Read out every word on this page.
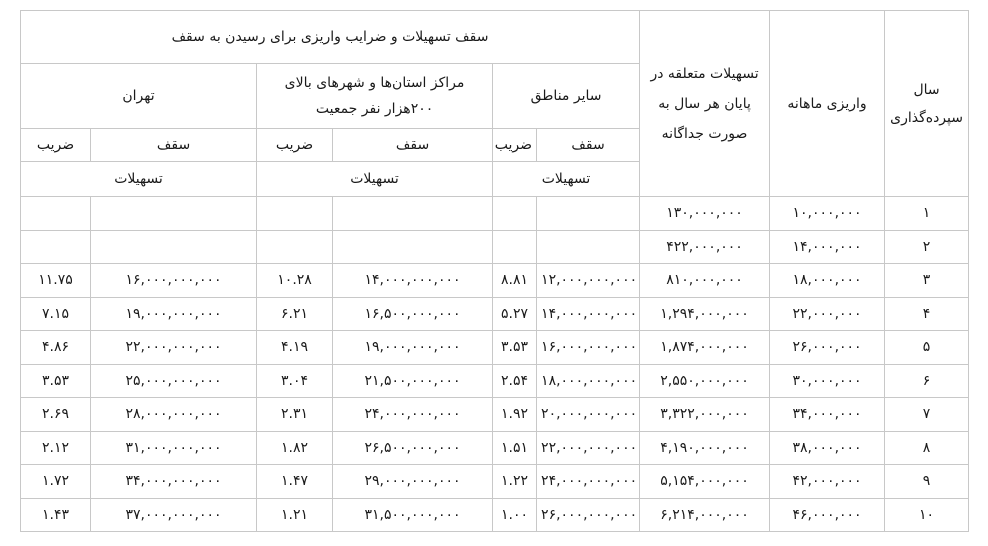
سال سپرده‌گذاری	واریزی ماهانه	تسهیلات متعلقه در پایان هر سال به صورت جداگانه	سقف تسهیلات و ضرایب واریزی برای رسیدن به سقف					
			سایر مناطق		مراکز استان‌ها و شهرهای بالای ۲۰۰هزار نفر جمعیت		تهران	
			سقف	ضریب	سقف	ضریب	سقف	ضریب
			تسهیلات		تسهیلات		تسهیلات	
۱	۱۰,۰۰۰,۰۰۰	۱۳۰,۰۰۰,۰۰۰						
۲	۱۴,۰۰۰,۰۰۰	۴۲۲,۰۰۰,۰۰۰						
۳	۱۸,۰۰۰,۰۰۰	۸۱۰,۰۰۰,۰۰۰	۱۲,۰۰۰,۰۰۰,۰۰۰	۸.۸۱	۱۴,۰۰۰,۰۰۰,۰۰۰	۱۰.۲۸	۱۶,۰۰۰,۰۰۰,۰۰۰	۱۱.۷۵
۴	۲۲,۰۰۰,۰۰۰	۱,۲۹۴,۰۰۰,۰۰۰	۱۴,۰۰۰,۰۰۰,۰۰۰	۵.۲۷	۱۶,۵۰۰,۰۰۰,۰۰۰	۶.۲۱	۱۹,۰۰۰,۰۰۰,۰۰۰	۷.۱۵
۵	۲۶,۰۰۰,۰۰۰	۱,۸۷۴,۰۰۰,۰۰۰	۱۶,۰۰۰,۰۰۰,۰۰۰	۳.۵۳	۱۹,۰۰۰,۰۰۰,۰۰۰	۴.۱۹	۲۲,۰۰۰,۰۰۰,۰۰۰	۴.۸۶
۶	۳۰,۰۰۰,۰۰۰	۲,۵۵۰,۰۰۰,۰۰۰	۱۸,۰۰۰,۰۰۰,۰۰۰	۲.۵۴	۲۱,۵۰۰,۰۰۰,۰۰۰	۳.۰۴	۲۵,۰۰۰,۰۰۰,۰۰۰	۳.۵۳
۷	۳۴,۰۰۰,۰۰۰	۳,۳۲۲,۰۰۰,۰۰۰	۲۰,۰۰۰,۰۰۰,۰۰۰	۱.۹۲	۲۴,۰۰۰,۰۰۰,۰۰۰	۲.۳۱	۲۸,۰۰۰,۰۰۰,۰۰۰	۲.۶۹
۸	۳۸,۰۰۰,۰۰۰	۴,۱۹۰,۰۰۰,۰۰۰	۲۲,۰۰۰,۰۰۰,۰۰۰	۱.۵۱	۲۶,۵۰۰,۰۰۰,۰۰۰	۱.۸۲	۳۱,۰۰۰,۰۰۰,۰۰۰	۲.۱۲
۹	۴۲,۰۰۰,۰۰۰	۵,۱۵۴,۰۰۰,۰۰۰	۲۴,۰۰۰,۰۰۰,۰۰۰	۱.۲۲	۲۹,۰۰۰,۰۰۰,۰۰۰	۱.۴۷	۳۴,۰۰۰,۰۰۰,۰۰۰	۱.۷۲
۱۰	۴۶,۰۰۰,۰۰۰	۶,۲۱۴,۰۰۰,۰۰۰	۲۶,۰۰۰,۰۰۰,۰۰۰	۱.۰۰	۳۱,۵۰۰,۰۰۰,۰۰۰	۱.۲۱	۳۷,۰۰۰,۰۰۰,۰۰۰	۱.۴۳
